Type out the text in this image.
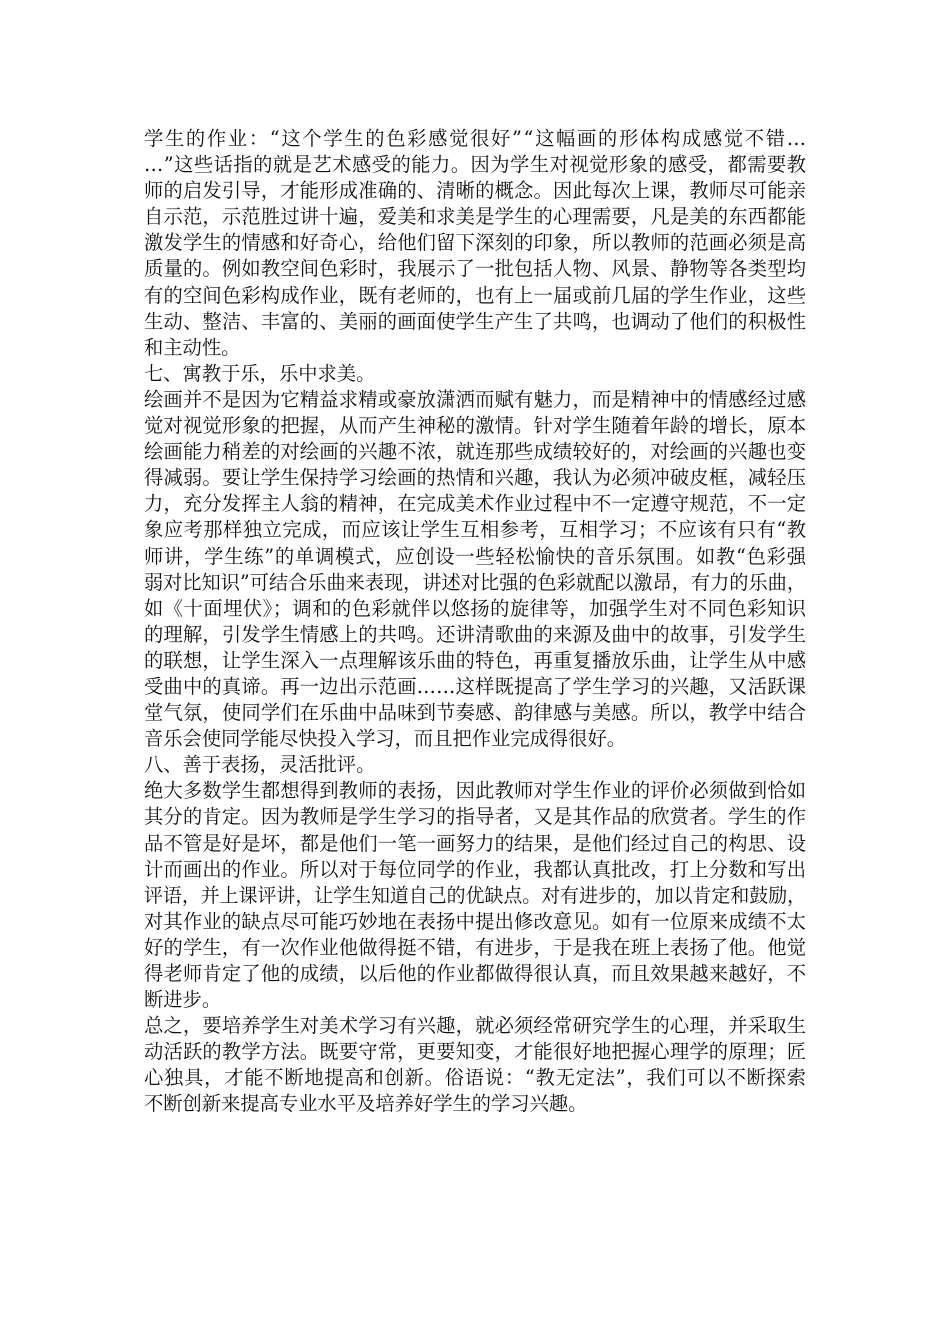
学生的作业：“这个学生的色彩感觉很好”“这幅画的形体构成感觉不错…
…”这些话指的就是艺术感受的能力。因为学生对视觉形象的感受，都需要教
师的启发引导，才能形成准确的、清晰的概念。因此每次上课，教师尽可能亲
自示范，示范胜过讲十遍，爱美和求美是学生的心理需要，凡是美的东西都能
激发学生的情感和好奇心，给他们留下深刻的印象，所以教师的范画必须是高
质量的。例如教空间色彩时，我展示了一批包括人物、风景、静物等各类型均
有的空间色彩构成作业，既有老师的，也有上一届或前几届的学生作业，这些
生动、整洁、丰富的、美丽的画面使学生产生了共鸣，也调动了他们的积极性
和主动性。
七、寓教于乐，乐中求美。
绘画并不是因为它精益求精或豪放潇洒而赋有魅力，而是精神中的情感经过感
觉对视觉形象的把握，从而产生神秘的激情。针对学生随着年龄的增长，原本
绘画能力稍差的对绘画的兴趣不浓，就连那些成绩较好的，对绘画的兴趣也变
得减弱。要让学生保持学习绘画的热情和兴趣，我认为必须冲破皮框，减轻压
力，充分发挥主人翁的精神，在完成美术作业过程中不一定遵守规范，不一定
象应考那样独立完成，而应该让学生互相参考，互相学习；不应该有只有“教
师讲，学生练”的单调模式，应创设一些轻松愉快的音乐氛围。如教“色彩强
弱对比知识”可结合乐曲来表现，讲述对比强的色彩就配以激昂，有力的乐曲，
如《十面埋伏》；调和的色彩就伴以悠扬的旋律等，加强学生对不同色彩知识
的理解，引发学生情感上的共鸣。还讲清歌曲的来源及曲中的故事，引发学生
的联想，让学生深入一点理解该乐曲的特色，再重复播放乐曲，让学生从中感
受曲中的真谛。再一边出示范画……这样既提高了学生学习的兴趣，又活跃课
堂气氛，使同学们在乐曲中品味到节奏感、韵律感与美感。所以，教学中结合
音乐会使同学能尽快投入学习，而且把作业完成得很好。
八、善于表扬，灵活批评。
绝大多数学生都想得到教师的表扬，因此教师对学生作业的评价必须做到恰如
其分的肯定。因为教师是学生学习的指导者，又是其作品的欣赏者。学生的作
品不管是好是坏，都是他们一笔一画努力的结果，是他们经过自己的构思、设
计而画出的作业。所以对于每位同学的作业，我都认真批改，打上分数和写出
评语，并上课评讲，让学生知道自己的优缺点。对有进步的，加以肯定和鼓励，
对其作业的缺点尽可能巧妙地在表扬中提出修改意见。如有一位原来成绩不太
好的学生，有一次作业他做得挺不错，有进步，于是我在班上表扬了他。他觉
得老师肯定了他的成绩，以后他的作业都做得很认真，而且效果越来越好，不
断进步。
总之，要培养学生对美术学习有兴趣，就必须经常研究学生的心理，并采取生
动活跃的教学方法。既要守常，更要知变，才能很好地把握心理学的原理；匠
心独具，才能不断地提高和创新。俗语说：“教无定法”，我们可以不断探索
不断创新来提高专业水平及培养好学生的学习兴趣。
